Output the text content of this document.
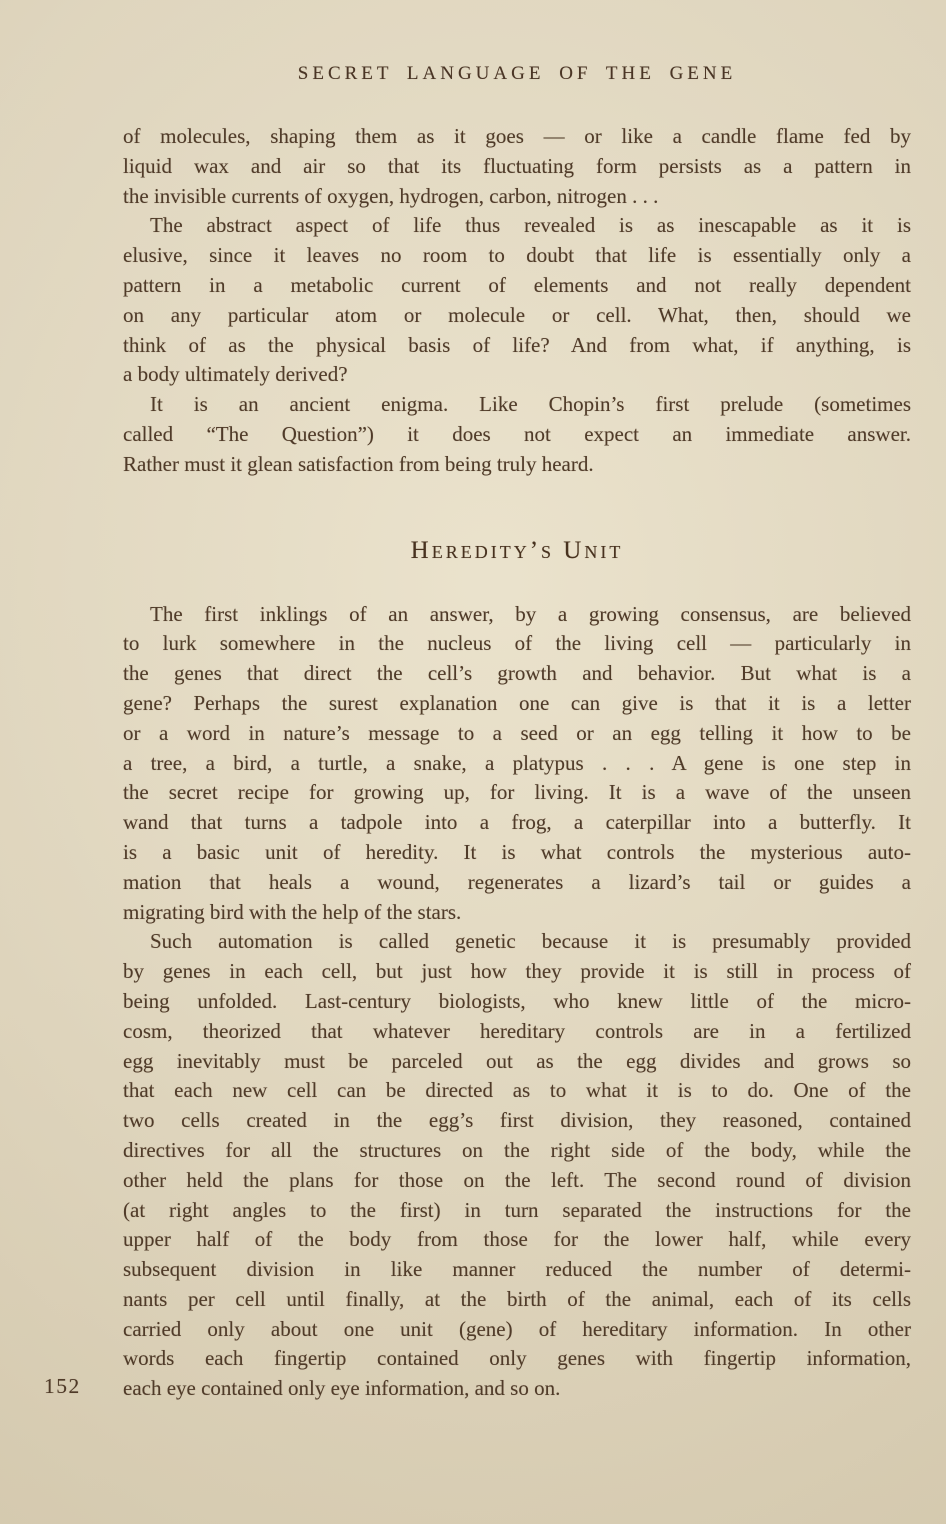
SECRET LANGUAGE OF THE GENE
of molecules, shaping them as it goes — or like a candle flame fed by
liquid wax and air so that its fluctuating form persists as a pattern in
the invisible currents of oxygen, hydrogen, carbon, nitrogen . . .
The abstract aspect of life thus revealed is as inescapable as it is
elusive, since it leaves no room to doubt that life is essentially only a
pattern in a metabolic current of elements and not really dependent
on any particular atom or molecule or cell. What, then, should we
think of as the physical basis of life? And from what, if anything, is
a body ultimately derived?
It is an ancient enigma. Like Chopin’s first prelude (sometimes
called “The Question”) it does not expect an immediate answer.
Rather must it glean satisfaction from being truly heard.
Heredity’s Unit
The first inklings of an answer, by a growing consensus, are believed
to lurk somewhere in the nucleus of the living cell — particularly in
the genes that direct the cell’s growth and behavior. But what is a
gene? Perhaps the surest explanation one can give is that it is a letter
or a word in nature’s message to a seed or an egg telling it how to be
a tree, a bird, a turtle, a snake, a platypus . . . A gene is one step in
the secret recipe for growing up, for living. It is a wave of the unseen
wand that turns a tadpole into a frog, a caterpillar into a butterfly. It
is a basic unit of heredity. It is what controls the mysterious auto-
mation that heals a wound, regenerates a lizard’s tail or guides a
migrating bird with the help of the stars.
Such automation is called genetic because it is presumably provided
by genes in each cell, but just how they provide it is still in process of
being unfolded. Last-century biologists, who knew little of the micro-
cosm, theorized that whatever hereditary controls are in a fertilized
egg inevitably must be parceled out as the egg divides and grows so
that each new cell can be directed as to what it is to do. One of the
two cells created in the egg’s first division, they reasoned, contained
directives for all the structures on the right side of the body, while the
other held the plans for those on the left. The second round of division
(at right angles to the first) in turn separated the instructions for the
upper half of the body from those for the lower half, while every
subsequent division in like manner reduced the number of determi-
nants per cell until finally, at the birth of the animal, each of its cells
carried only about one unit (gene) of hereditary information. In other
words each fingertip contained only genes with fingertip information,
each eye contained only eye information, and so on.
152
